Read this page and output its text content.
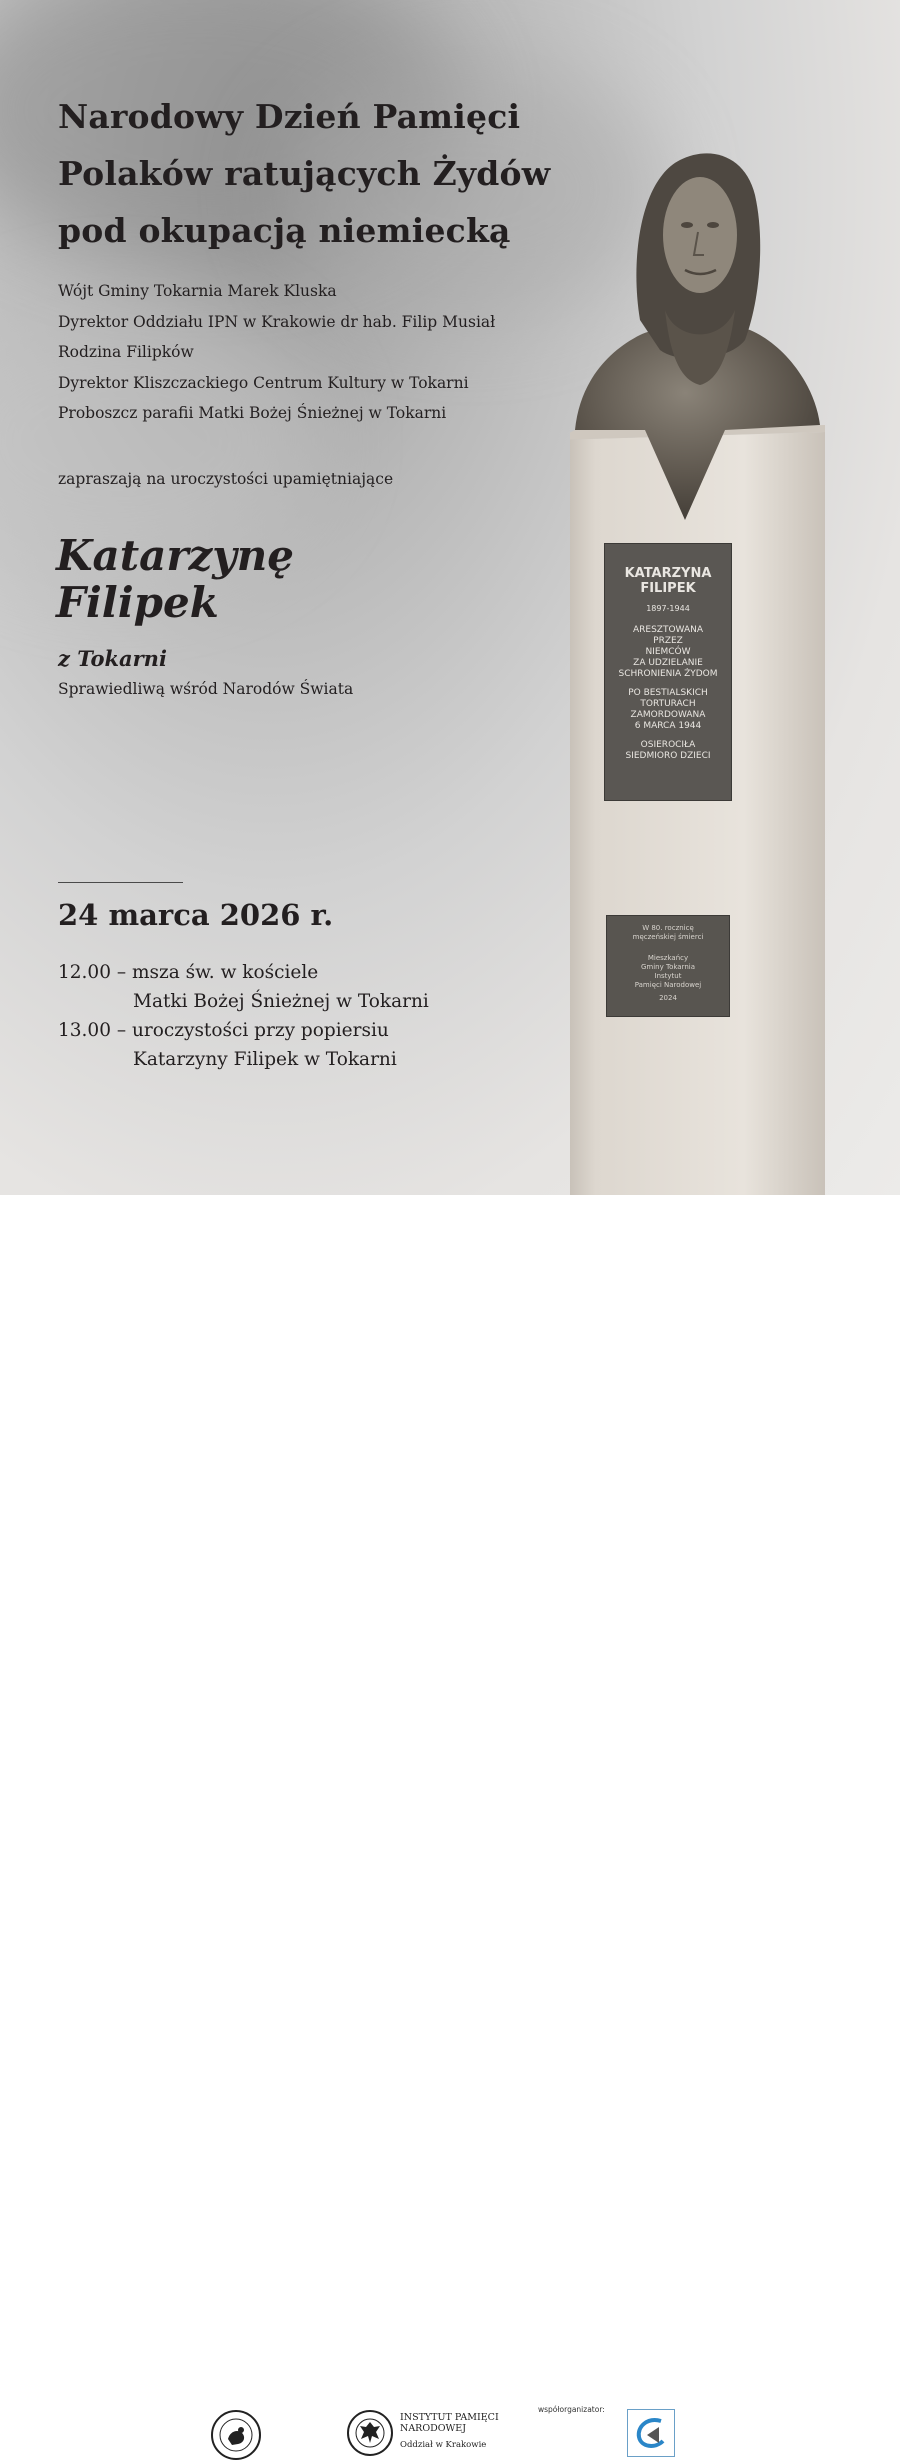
Narodowy Dzień Pamięci
Polaków ratujących Żydów
pod okupacją niemiecką
Wójt Gminy Tokarnia Marek Kluska
Dyrektor Oddziału IPN w Krakowie dr hab. Filip Musiał
Rodzina Filipków
Dyrektor Kliszczackiego Centrum Kultury w Tokarni
Proboszcz parafii Matki Bożej Śnieżnej w Tokarni
zapraszają na uroczystości upamiętniające
Katarzynę
Filipek
z Tokarni
Sprawiedliwą wśród Narodów Świata
24 marca 2026 r.
12.00 – msza św. w kościele
Matki Bożej Śnieżnej w Tokarni
13.00 – uroczystości przy popiersiu
Katarzyny Filipek w Tokarni
KATARZYNA
FILIPEK
1897-1944
ARESZTOWANA
PRZEZ
NIEMCÓW
ZA UDZIELANIE
SCHRONIENIA ŻYDOM
PO BESTIALSKICH
TORTURACH
ZAMORDOWANA
6 MARCA 1944
OSIEROCIŁA
SIEDMIORO DZIECI
W 80. rocznicę
męczeńskiej śmierci
Mieszkańcy
Gminy Tokarnia
Instytut
Pamięci Narodowej
2024
INSTYTUT PAMIĘCI
NARODOWEJ
Oddział w Krakowie
współorganizator:
